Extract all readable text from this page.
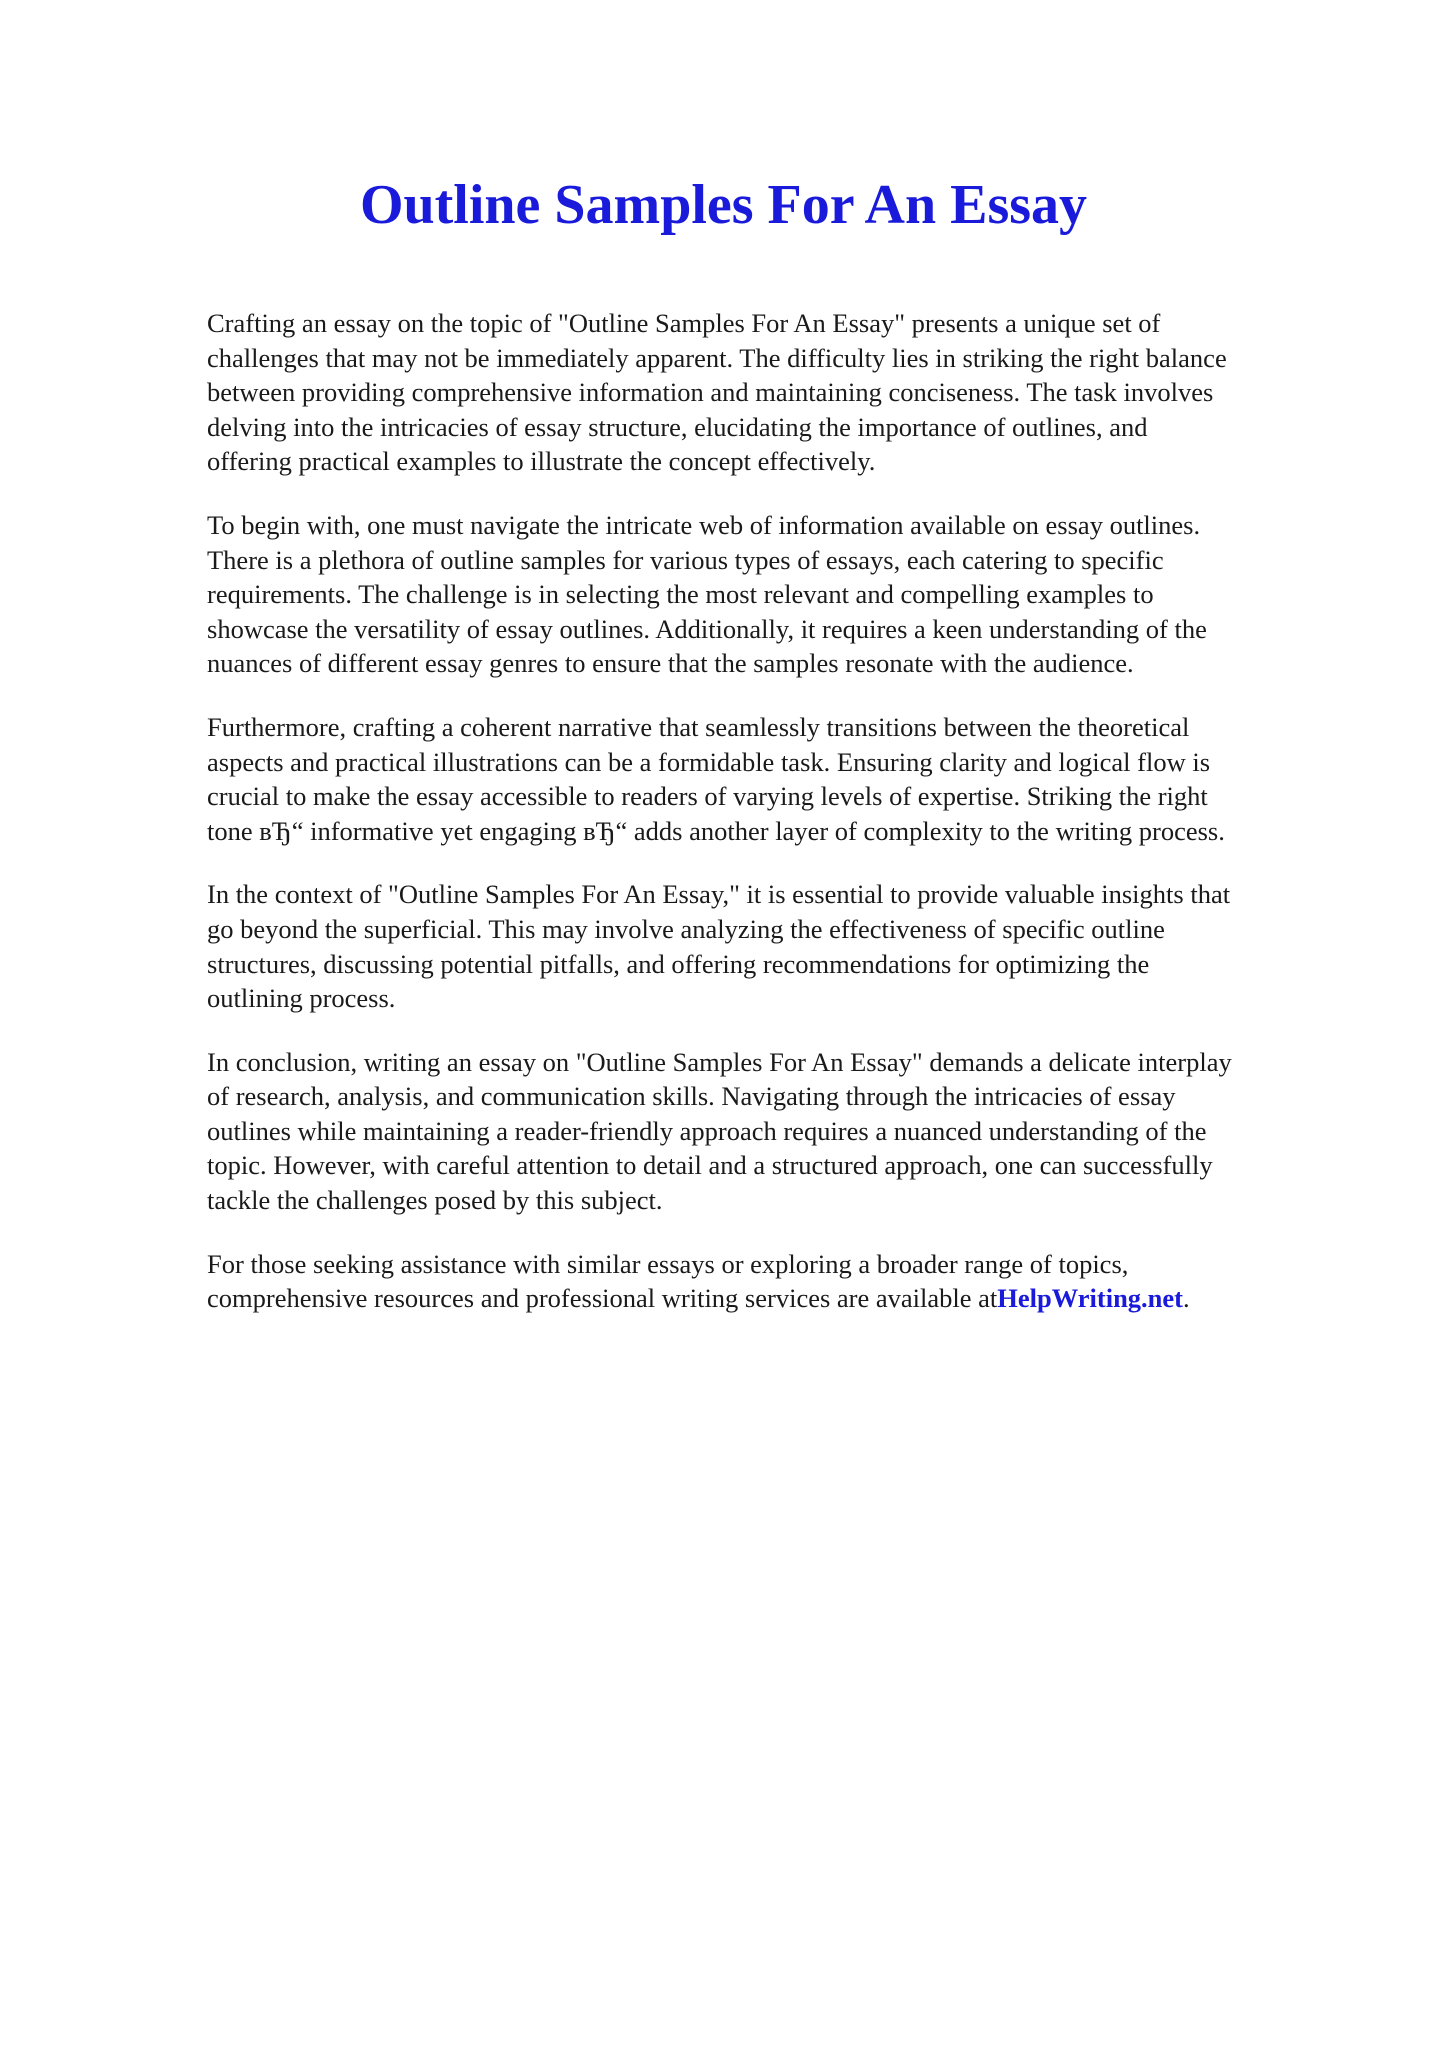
Outline Samples For An Essay

Crafting an essay on the topic of "Outline Samples For An Essay" presents a unique set of
challenges that may not be immediately apparent. The difficulty lies in striking the right balance
between providing comprehensive information and maintaining conciseness. The task involves
delving into the intricacies of essay structure, elucidating the importance of outlines, and
offering practical examples to illustrate the concept effectively.

To begin with, one must navigate the intricate web of information available on essay outlines.
There is a plethora of outline samples for various types of essays, each catering to specific
requirements. The challenge is in selecting the most relevant and compelling examples to
showcase the versatility of essay outlines. Additionally, it requires a keen understanding of the
nuances of different essay genres to ensure that the samples resonate with the audience.

Furthermore, crafting a coherent narrative that seamlessly transitions between the theoretical
aspects and practical illustrations can be a formidable task. Ensuring clarity and logical flow is
crucial to make the essay accessible to readers of varying levels of expertise. Striking the right
tone вЂ“ informative yet engaging вЂ“ adds another layer of complexity to the writing process.

In the context of "Outline Samples For An Essay," it is essential to provide valuable insights that
go beyond the superficial. This may involve analyzing the effectiveness of specific outline
structures, discussing potential pitfalls, and offering recommendations for optimizing the
outlining process.

In conclusion, writing an essay on "Outline Samples For An Essay" demands a delicate interplay
of research, analysis, and communication skills. Navigating through the intricacies of essay
outlines while maintaining a reader-friendly approach requires a nuanced understanding of the
topic. However, with careful attention to detail and a structured approach, one can successfully
tackle the challenges posed by this subject.

For those seeking assistance with similar essays or exploring a broader range of topics,
comprehensive resources and professional writing services are available atHelpWriting.net.
